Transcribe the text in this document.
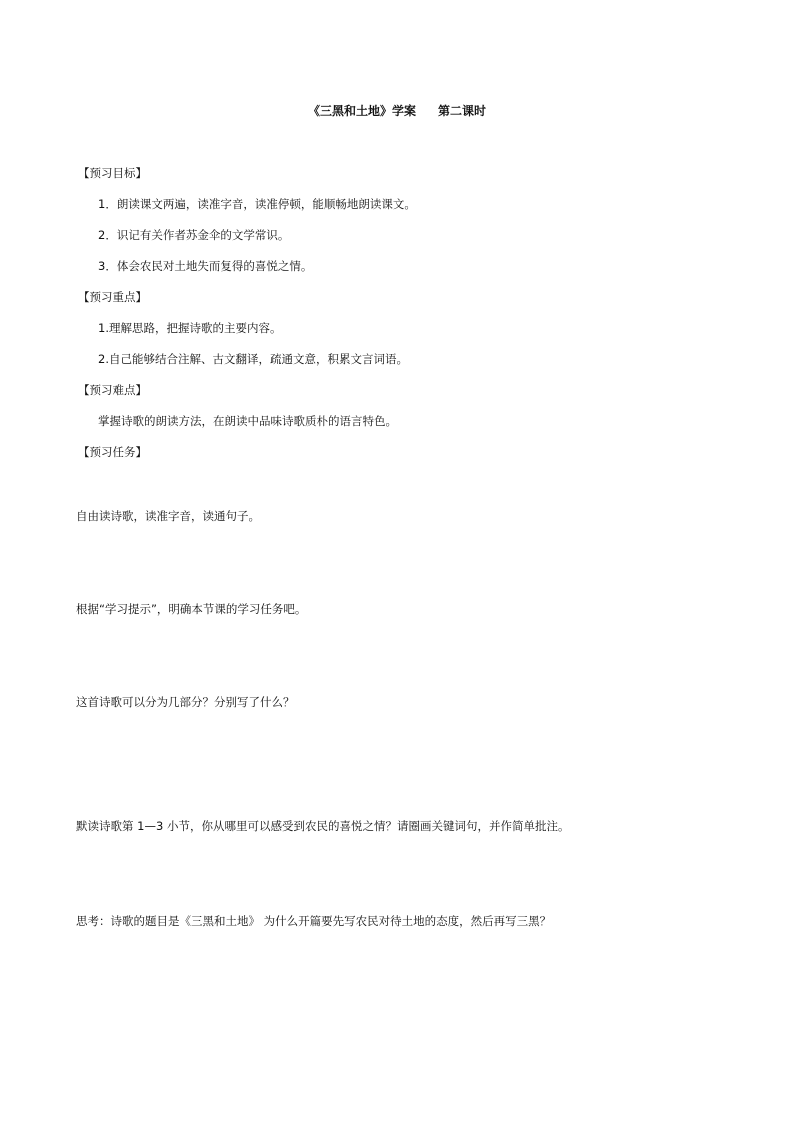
《三黑和土地》学案 第二课时
【预习目标】
1．朗读课文两遍，读准字音，读准停顿，能顺畅地朗读课文。
2．识记有关作者苏金伞的文学常识。
3．体会农民对土地失而复得的喜悦之情。
【预习重点】
1.理解思路，把握诗歌的主要内容。
2.自己能够结合注解、古文翻译，疏通文意，积累文言词语。
【预习难点】
掌握诗歌的朗读方法，在朗读中品味诗歌质朴的语言特色。
【预习任务】
自由读诗歌，读准字音，读通句子。
根据“学习提示”，明确本节课的学习任务吧。
这首诗歌可以分为几部分？分别写了什么？
默读诗歌第 1—3 小节，你从哪里可以感受到农民的喜悦之情？请圈画关键词句，并作简单批注。
思考：诗歌的题目是《三黑和土地》 为什么开篇要先写农民对待土地的态度，然后再写三黑？
